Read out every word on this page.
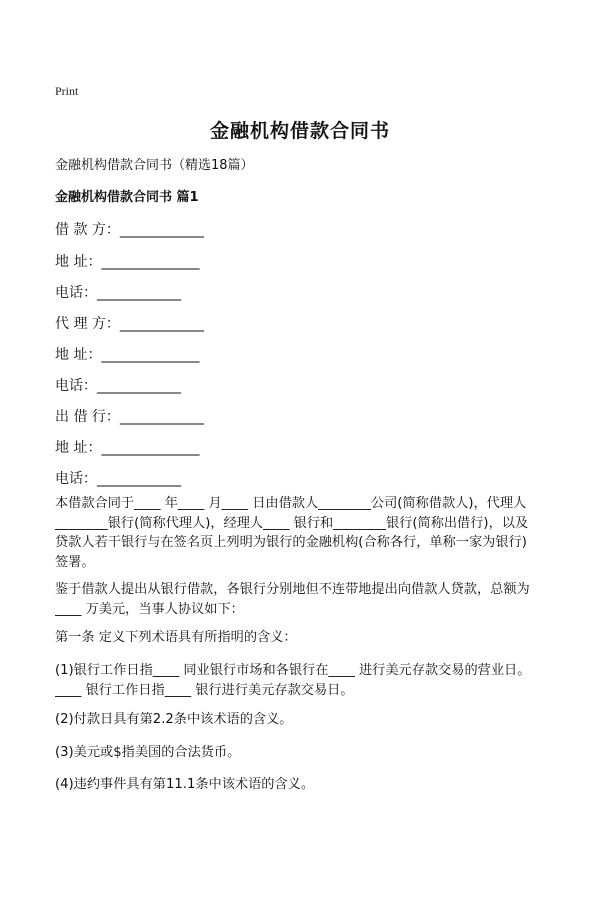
Print
金融机构借款合同书
金融机构借款合同书（精选18篇）
金融机构借款合同书 篇1
借 款 方：____________
地 址：______________
电话：____________
代 理 方：____________
地 址：______________
电话：____________
出 借 行：____________
地 址：______________
电话：____________
本借款合同于____ 年____ 月____ 日由借款人________公司(简称借款人)，代理人
________银行(简称代理人)，经理人____ 银行和________银行(简称出借行)，以及
贷款人若干银行与在签名页上列明为银行的金融机构(合称各行，单称一家为银行)
签署。
鉴于借款人提出从银行借款，各银行分别地但不连带地提出向借款人贷款，总额为
____ 万美元，当事人协议如下：
第一条 定义下列术语具有所指明的含义：
(1)银行工作日指____ 同业银行市场和各银行在____ 进行美元存款交易的营业日。
____ 银行工作日指____ 银行进行美元存款交易日。
(2)付款日具有第2.2条中该术语的含义。
(3)美元或$指美国的合法货币。
(4)违约事件具有第11.1条中该术语的含义。
